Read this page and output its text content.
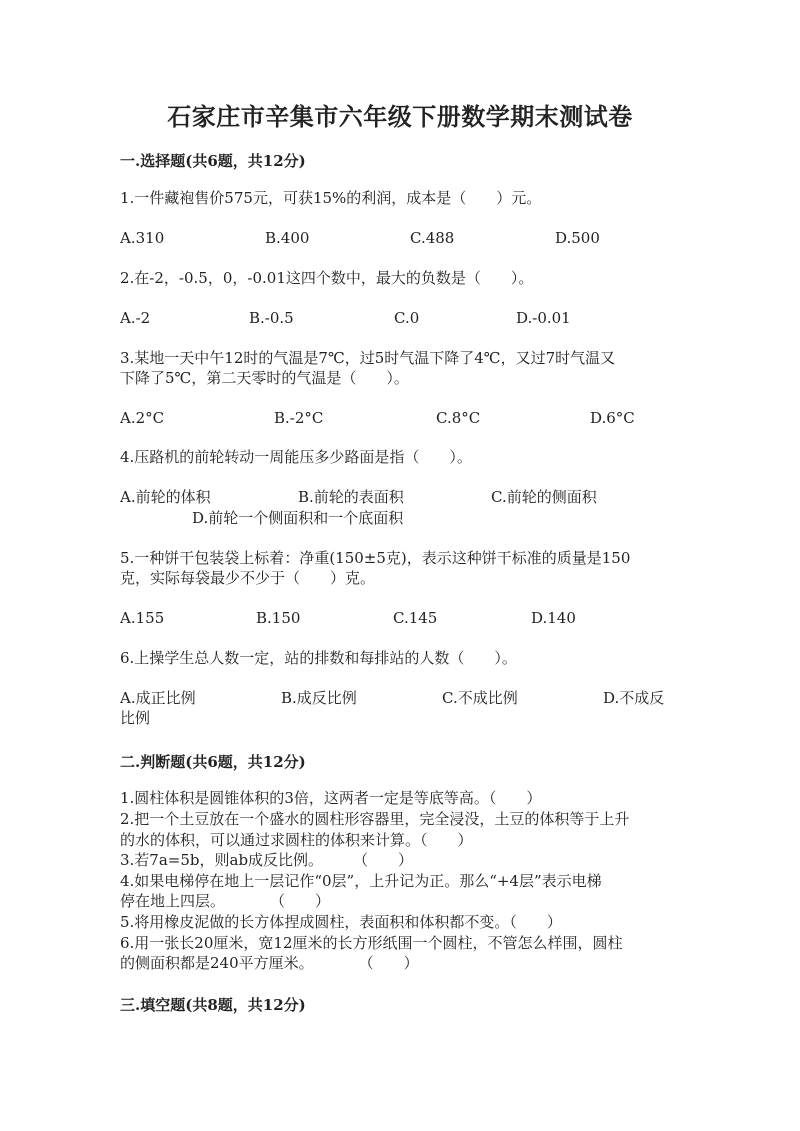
石家庄市辛集市六年级下册数学期末测试卷
一.选择题(共6题，共12分)
1.一件藏袍售价575元，可获15%的利润，成本是（　　）元。
A.310	B.400	C.488	D.500
2.在-2，-0.5，0，-0.01这四个数中，最大的负数是（　　）。
A.-2	B.-0.5	C.0	D.-0.01
3.某地一天中午12时的气温是7℃，过5时气温下降了4℃，又过7时气温又
下降了5℃，第二天零时的气温是（　　）。
A.2°C	B.-2°C	C.8°C	D.6°C
4.压路机的前轮转动一周能压多少路面是指（　　）。
A.前轮的体积	B.前轮的表面积	C.前轮的侧面积
D.前轮一个侧面积和一个底面积
5.一种饼干包装袋上标着：净重(150±5克)，表示这种饼干标准的质量是150
克，实际每袋最少不少于（　　）克。
A.155	B.150	C.145	D.140
6.上操学生总人数一定，站的排数和每排站的人数（　　）。
A.成正比例	B.成反比例	C.不成比例	D.不成反
比例
二.判断题(共6题，共12分)
1.圆柱体积是圆锥体积的3倍，这两者一定是等底等高。（　　）
2.把一个土豆放在一个盛水的圆柱形容器里，完全浸没，土豆的体积等于上升
的水的体积，可以通过求圆柱的体积来计算。（　　）
3.若7a=5b，则ab成反比例。　　　（　　）
4.如果电梯停在地上一层记作“0层”，上升记为正。那么“+4层”表示电梯
停在地上四层。　　　　（　　）
5.将用橡皮泥做的长方体捏成圆柱，表面积和体积都不变。（　　）
6.用一张长20厘米，宽12厘米的长方形纸围一个圆柱，不管怎么样围，圆柱
的侧面积都是240平方厘米。　　　　（　　）
三.填空题(共8题，共12分)
